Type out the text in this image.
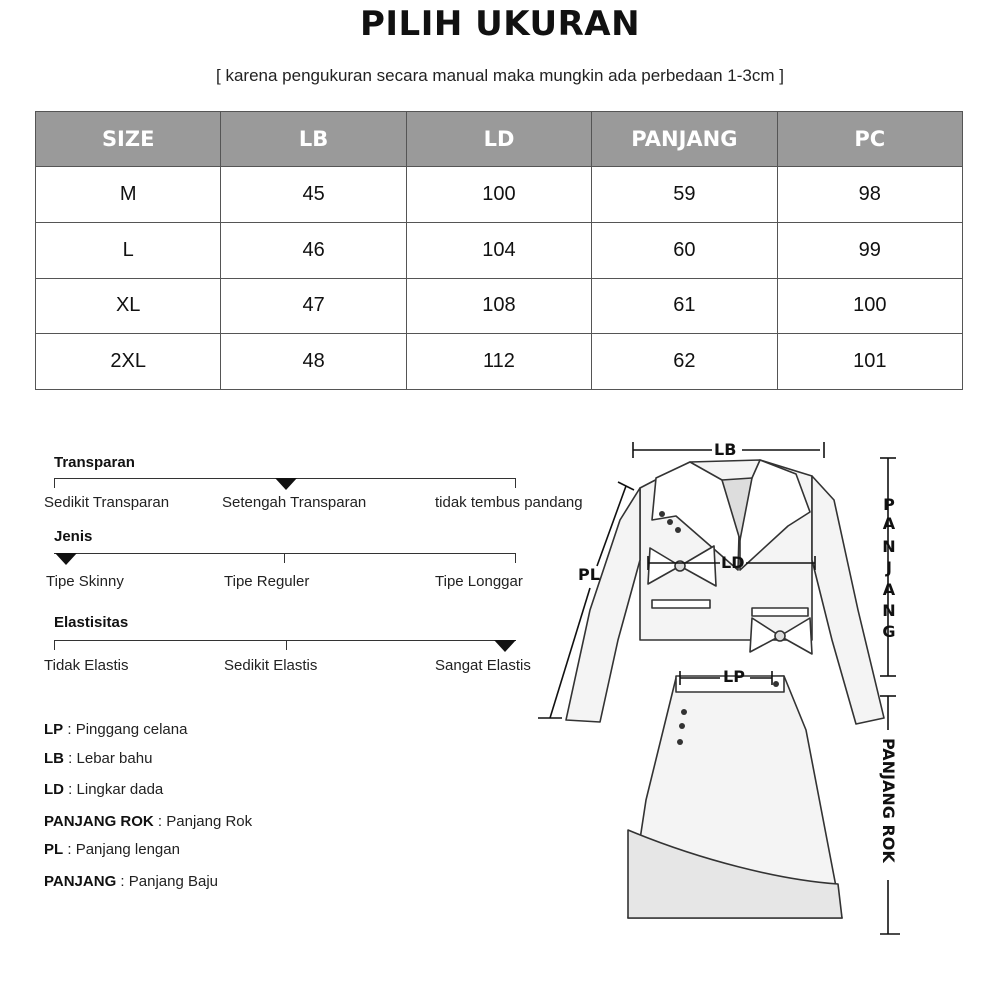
PILIH UKURAN
[ karena pengukuran secara manual maka mungkin ada perbedaan 1-3cm ]
SIZE	LB	LD	PANJANG	PC
M	45	100	59	98
L	46	104	60	99
XL	47	108	61	100
2XL	48	112	62	101
Transparan
Sedikit Transparan	Setengah Transparan	tidak tembus pandang
Jenis
Tipe Skinny	Tipe Reguler	Tipe Longgar
Elastisitas
Tidak Elastis	Sedikit Elastis	Sangat Elastis
LP : Pinggang celana
LB : Lebar bahu
LD : Lingkar dada
PANJANG ROK : Panjang Rok
PL : Panjang lengan
PANJANG : Panjang Baju
LB
LD
PL
LP
P
A
N
J
A
N
G
PANJANG ROK
